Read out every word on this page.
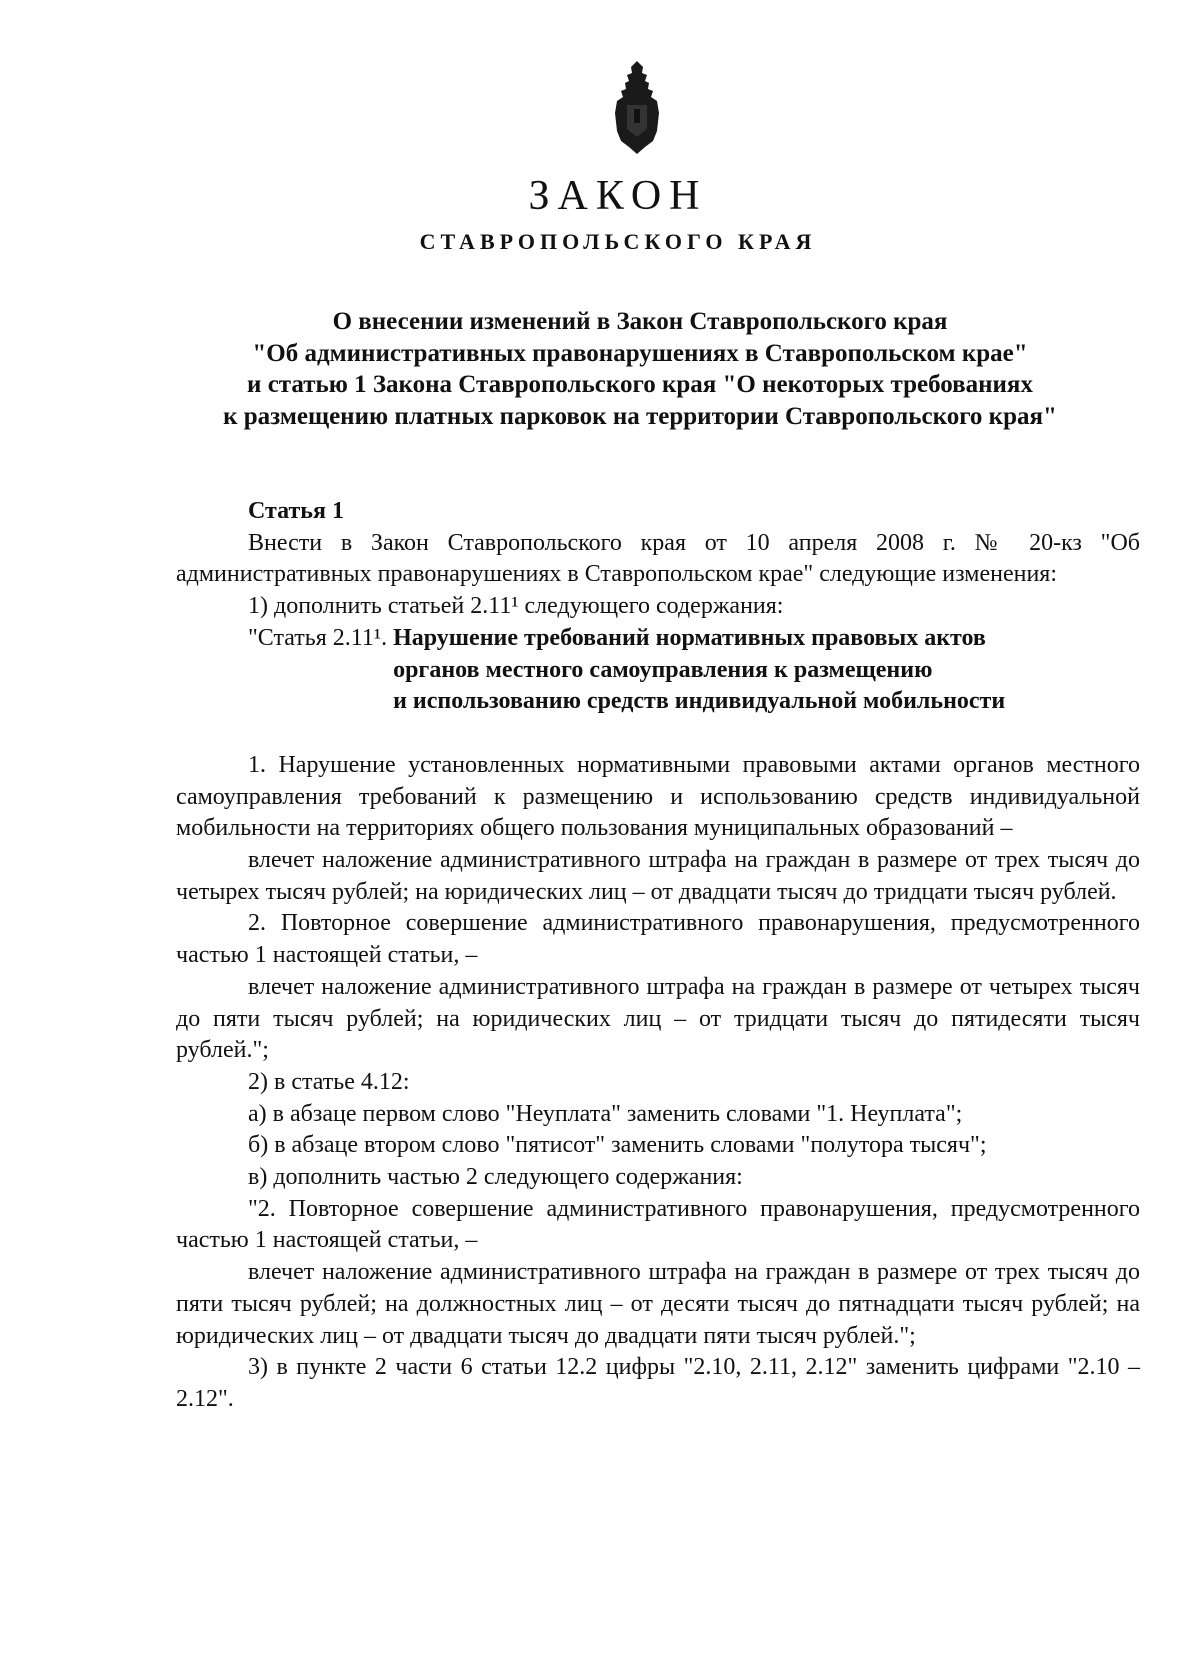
ЗАКОН
СТАВРОПОЛЬСКОГО КРАЯ
О внесении изменений в Закон Ставропольского края
"Об административных правонарушениях в Ставропольском крае"
и статью 1 Закона Ставропольского края "О некоторых требованиях
к размещению платных парковок на территории Ставропольского края"

Статья 1

Внести в Закон Ставропольского края от 10 апреля 2008 г. № 20-кз "Об административных правонарушениях в Ставропольском крае" следующие изменения:

1) дополнить статьей 2.11¹ следующего содержания:

"Статья 2.11¹. Нарушение требований нормативных правовых актов
органов местного самоуправления к размещению
и использованию средств индивидуальной мобильности

1. Нарушение установленных нормативными правовыми актами органов местного самоуправления требований к размещению и использованию средств индивидуальной мобильности на территориях общего пользования муниципальных образований –

влечет наложение административного штрафа на граждан в размере от трех тысяч до четырех тысяч рублей; на юридических лиц – от двадцати тысяч до тридцати тысяч рублей.

2. Повторное совершение административного правонарушения, предусмотренного частью 1 настоящей статьи, –

влечет наложение административного штрафа на граждан в размере от четырех тысяч до пяти тысяч рублей; на юридических лиц – от тридцати тысяч до пятидесяти тысяч рублей.";

2) в статье 4.12:

а) в абзаце первом слово "Неуплата" заменить словами "1. Неуплата";

б) в абзаце втором слово "пятисот" заменить словами "полутора тысяч";

в) дополнить частью 2 следующего содержания:

"2. Повторное совершение административного правонарушения, предусмотренного частью 1 настоящей статьи, –

влечет наложение административного штрафа на граждан в размере от трех тысяч до пяти тысяч рублей; на должностных лиц – от десяти тысяч до пятнадцати тысяч рублей; на юридических лиц – от двадцати тысяч до двадцати пяти тысяч рублей.";

3) в пункте 2 части 6 статьи 12.2 цифры "2.10, 2.11, 2.12" заменить цифрами "2.10 – 2.12".
